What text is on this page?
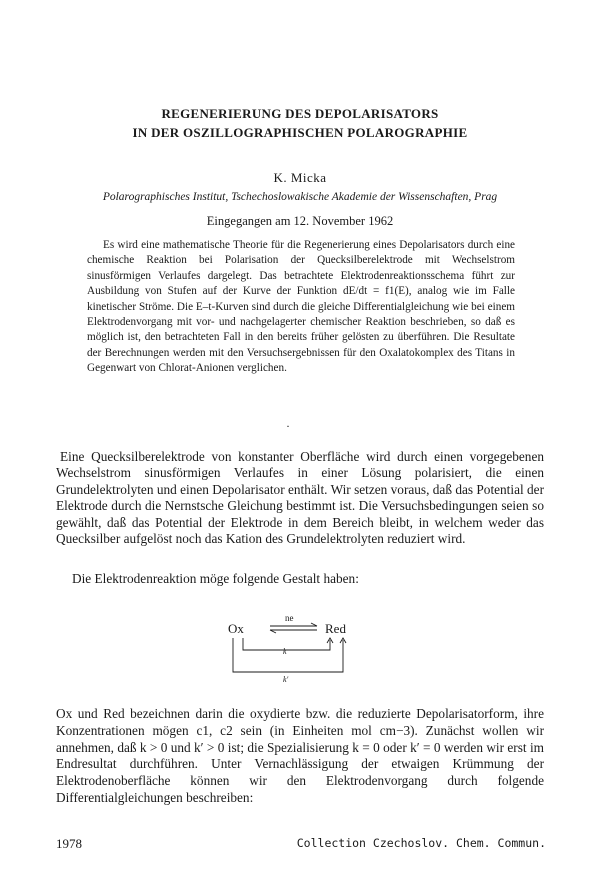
REGENERIERUNG DES DEPOLARISATORS
IN DER OSZILLOGRAPHISCHEN POLAROGRAPHIE
K. Micka
Polarographisches Institut, Tschechoslowakische Akademie der Wissenschaften, Prag
Eingegangen am 12. November 1962
Es wird eine mathematische Theorie für die Regenerierung eines Depolarisators durch eine chemische Reaktion bei Polarisation der Quecksilberelektrode mit Wechselstrom sinusförmigen Verlaufes dargelegt. Das betrachtete Elektrodenreaktionsschema führt zur Ausbildung von Stufen auf der Kurve der Funktion dE/dt = f1(E), analog wie im Falle kinetischer Ströme. Die E–t-Kurven sind durch die gleiche Differentialgleichung wie bei einem Elektrodenvorgang mit vor- und nachgelagerter chemischer Reaktion beschrieben, so daß es möglich ist, den betrachteten Fall in den bereits früher gelösten zu überführen. Die Resultate der Berechnungen werden mit den Versuchsergebnissen für den Oxalatokomplex des Titans in Gegenwart von Chlorat-Anionen verglichen.
·
Eine Quecksilberelektrode von konstanter Oberfläche wird durch einen vorgegebenen Wechselstrom sinusförmigen Verlaufes in einer Lösung polarisiert, die einen Grundelektrolyten und einen Depolarisator enthält. Wir setzen voraus, daß das Potential der Elektrode durch die Nernstsche Gleichung bestimmt ist. Die Versuchsbedingungen seien so gewählt, daß das Potential der Elektrode in dem Bereich bleibt, in welchem weder das Quecksilber aufgelöst noch das Kation des Grundelektrolyten reduziert wird.
Die Elektrodenreaktion möge folgende Gestalt haben:
Ox	Red
ne
k
k′
Ox und Red bezeichnen darin die oxydierte bzw. die reduzierte Depolarisatorform, ihre Konzentrationen mögen c1, c2 sein (in Einheiten mol cm−3). Zunächst wollen wir annehmen, daß k > 0 und k′ > 0 ist; die Spezialisierung k = 0 oder k′ = 0 werden wir erst im Endresultat durchführen. Unter Vernachlässigung der etwaigen Krümmung der Elektrodenoberfläche können wir den Elektrodenvorgang durch folgende Differentialgleichungen beschreiben:
1978	Collection Czechoslov. Chem. Commun.
